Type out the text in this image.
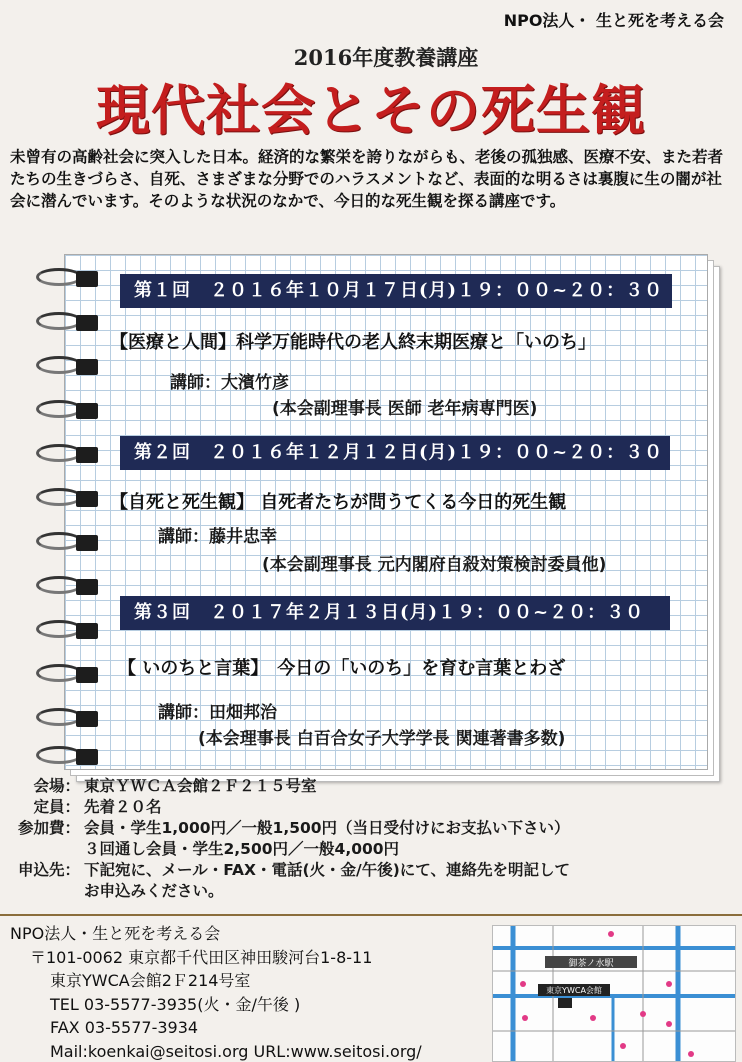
NPO法人・ 生と死を考える会
2016年度教養講座
現代社会とその死生観
未曾有の高齢社会に突入した日本。経済的な繁栄を誇りながらも、老後の孤独感、医療不安、また若者たちの生きづらさ、自死、さまざまな分野でのハラスメントなど、表面的な明るさは裏腹に生の闇が社会に潜んでいます。そのような状況のなかで、今日的な死生観を探る講座です。
第１回　２０１６年１０月１７日(月)１９：００~２０：３０
【医療と人間】科学万能時代の老人終末期医療と「いのち」
講師：大濱竹彦
(本会副理事長 医師 老年病専門医)
第２回　２０１６年１２月１２日(月)１９：００~２０：３０
【自死と死生観】 自死者たちが問うてくる今日的死生観
講師：藤井忠幸
(本会副理事長 元内閣府自殺対策検討委員他)
第３回　２０１７年２月１３日(月)１９：００~２０：３０
【 いのちと言葉】　今日の「いのち」を育む言葉とわざ
講師：田畑邦治
(本会理事長 白百合女子大学学長 関連著書多数)
会場： 東京ＹＷＣＡ会館２Ｆ２１５号室
定員： 先着２０名
参加費： 会員・学生1,000円／一般1,500円（当日受付けにお支払い下さい）
３回通し会員・学生2,500円／一般4,000円
申込先： 下記宛に、メール・FAX・電話(火・金/午後)にて、連絡先を明記して
お申込みください。
NPO法人・生と死を考える会
〒101-0062 東京都千代田区神田駿河台1-8-11
東京YWCA会館2Ｆ214号室
TEL 03-5577-3935(火・金/午後 )
FAX 03-5577-3934
Mail:koenkai@seitosi.org URL:www.seitosi.org/
御茶ノ水駅
東京YWCA会館
